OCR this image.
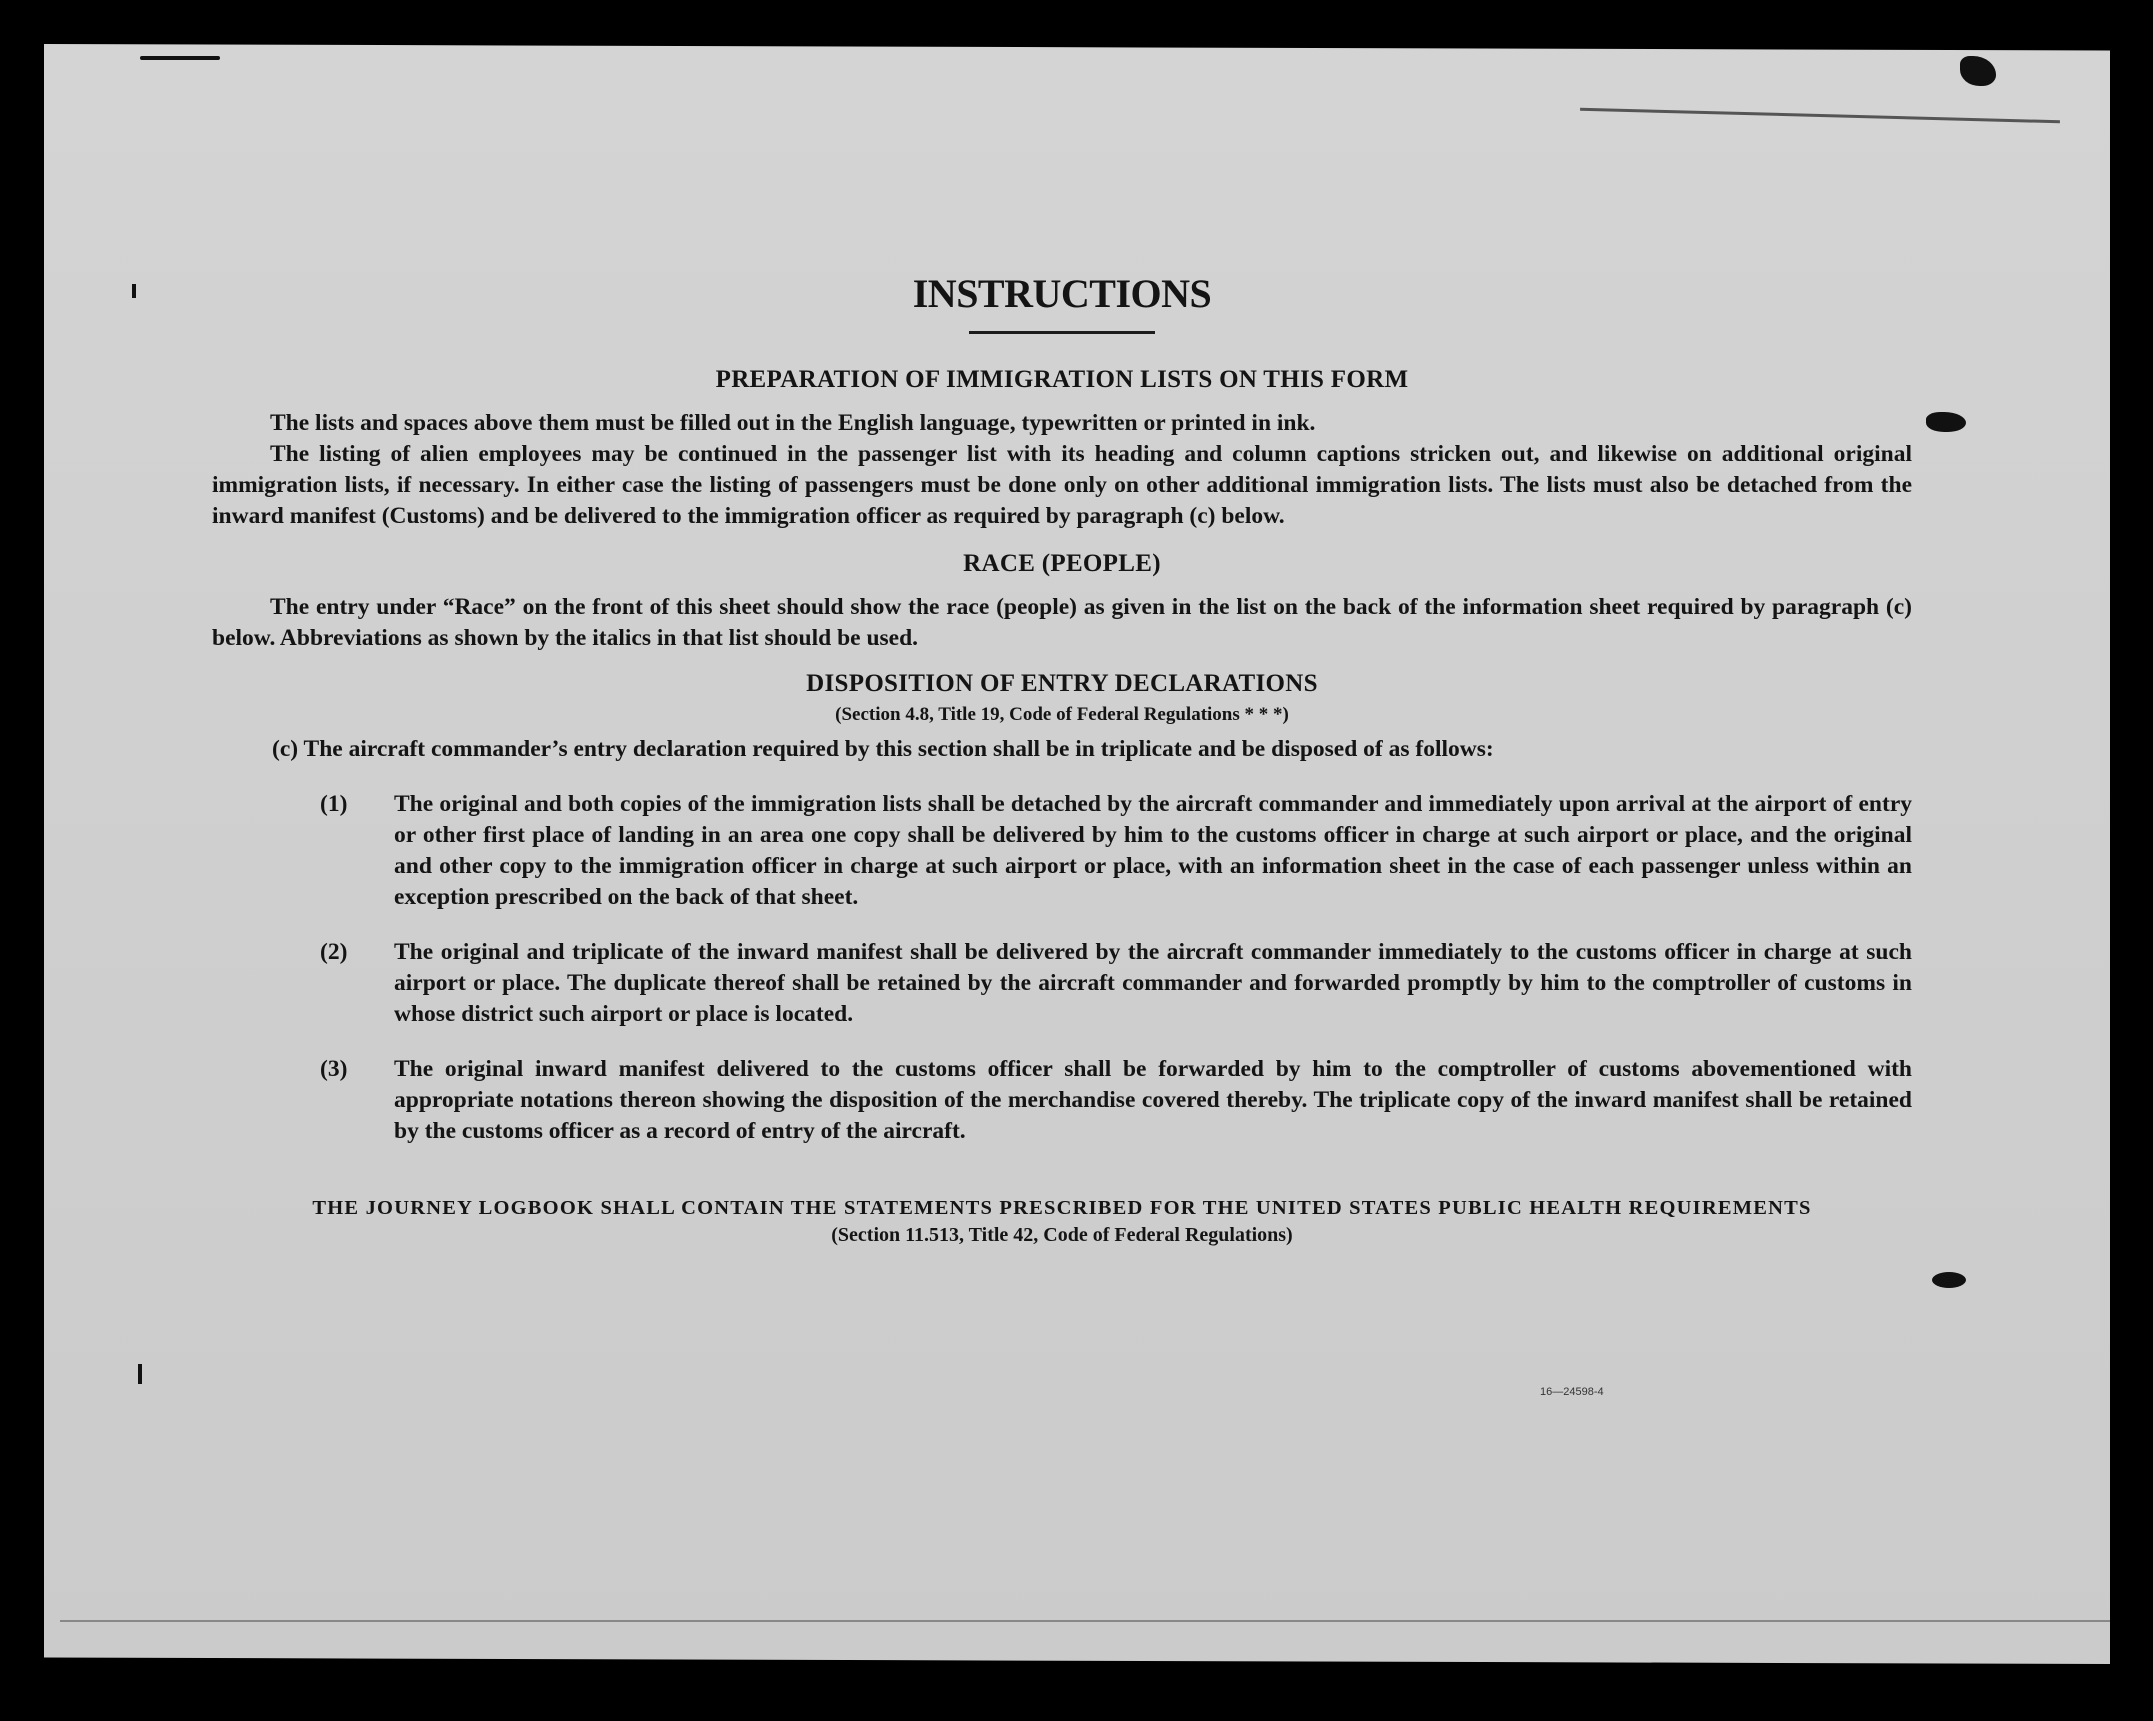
INSTRUCTIONS
PREPARATION OF IMMIGRATION LISTS ON THIS FORM

The lists and spaces above them must be filled out in the English language, typewritten or printed in ink.

The listing of alien employees may be continued in the passenger list with its heading and column captions stricken out, and likewise on additional original immigration lists, if necessary. In either case the listing of passengers must be done only on other additional immigration lists. The lists must also be detached from the inward manifest (Customs) and be delivered to the immigration officer as required by paragraph (c) below.

RACE (PEOPLE)

The entry under “Race” on the front of this sheet should show the race (people) as given in the list on the back of the information sheet required by paragraph (c) below. Abbreviations as shown by the italics in that list should be used.

DISPOSITION OF ENTRY DECLARATIONS

(Section 4.8, Title 19, Code of Federal Regulations * * *)

(c) The aircraft commander’s entry declaration required by this section shall be in triplicate and be disposed of as follows:

(1) The original and both copies of the immigration lists shall be detached by the aircraft commander and immediately upon arrival at the airport of entry or other first place of landing in an area one copy shall be delivered by him to the customs officer in charge at such airport or place, and the original and other copy to the immigration officer in charge at such airport or place, with an information sheet in the case of each passenger unless within an exception prescribed on the back of that sheet.
(2) The original and triplicate of the inward manifest shall be delivered by the aircraft commander immediately to the customs officer in charge at such airport or place. The duplicate thereof shall be retained by the aircraft commander and forwarded promptly by him to the comptroller of customs in whose district such airport or place is located.
(3) The original inward manifest delivered to the customs officer shall be forwarded by him to the comptroller of customs abovementioned with appropriate notations thereon showing the disposition of the merchandise covered thereby. The triplicate copy of the inward manifest shall be retained by the customs officer as a record of entry of the aircraft.

THE JOURNEY LOGBOOK SHALL CONTAIN THE STATEMENTS PRESCRIBED FOR THE UNITED STATES PUBLIC HEALTH REQUIREMENTS

(Section 11.513, Title 42, Code of Federal Regulations)

16—24598-4
